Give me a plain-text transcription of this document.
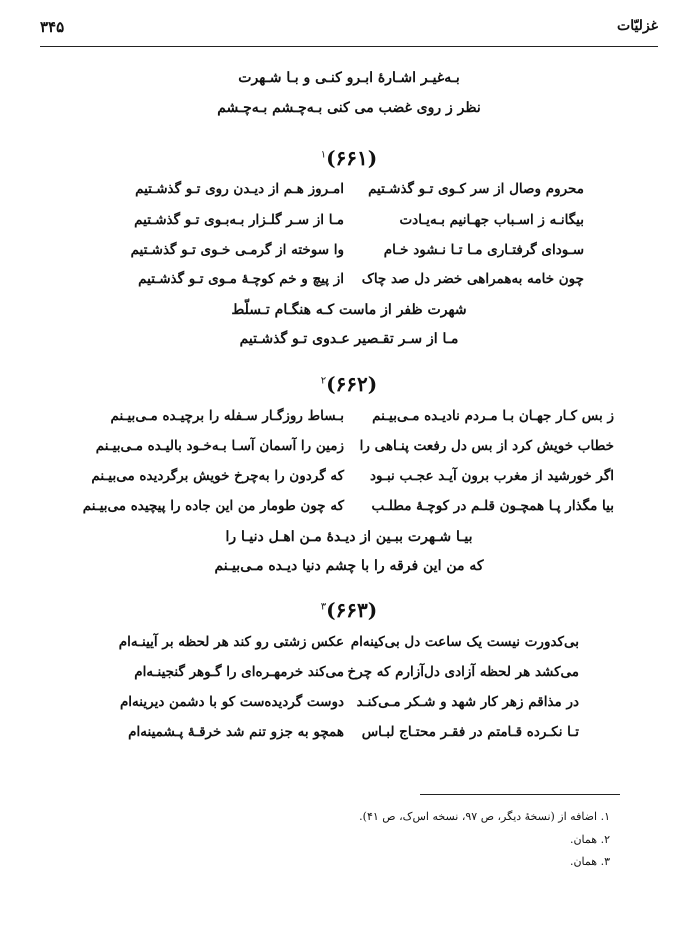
غزلیّات
۳۴۵
بـه‌غیـر اشـارهٔ ابـرو کنـی و بـا شـهرت
نظر ز روی غضب می کنی بـه‌چـشم بـه‌چـشم
(۶۶۱)$^۱$
محروم وصال از سر کـوی تـو گذشـتیم
امـروز هـم از دیـدن روی تـو گذشـتیم
بیگانـه ز اسـباب جهـانیم بـه‌یـادت
مـا از سـر گلـزار بـه‌بـوی تـو گذشـتیم
سـودای گرفتـاری مـا تـا نـشود خـام
وا سوخته از گرمـی خـوی تـو گذشـتیم
چون خامه به‌همراهی خضر دل صد چاک
از پیچ و خم کوچـهٔ مـوی تـو گذشـتیم
شهرت ظفر از ماست کـه هنگـام تـسلّط
مـا از سـر تقـصیر عـدوی تـو گذشـتیم
(۶۶۲)$^۲$
ز بس کـار جهـان بـا مـردم نادیـده مـی‌بیـنم
بـساط روزگـار سـفله را برچیـده مـی‌بیـنم
خطاب خویش کرد از بس دل رفعت پنـاهی را
زمین را آسمان آسـا بـه‌خـود بالیـده مـی‌بیـنم
اگر خورشید از مغرب برون آیـد عجـب نبـود
که گردون را به‌چرخ خویش برگردیده می‌بیـنم
بیا مگذار پـا همچـون قلـم در کوچـهٔ مطلـب
که چون طومار من این جاده را پیچیده می‌بیـنم
بیـا شـهرت ببـین از دیـدهٔ مـن اهـل دنیـا را
که من این فرقه را با چشم دنیا دیـده مـی‌بیـنم
(۶۶۳)$^۳$
بی‌کدورت نیست یک ساعت دل بی‌کینه‌ام
عکس زشتی رو کند هر لحظه بر آیینـه‌ام
می‌کشد هر لحظه آزادی دل‌آزارم که چرخ
می‌کند خرمهـره‌ای را گـوهر گنجینـه‌ام
در مذاقم زهر کار شهد و شـکر مـی‌کنـد
دوست گردیده‌ست کو با دشمن دیرینه‌ام
تـا نکـرده قـامتم در فقـر محتـاج لبـاس
همچو به جزو تنم شد خرقـهٔ پـشمینه‌ام
۱. اضافه از (نسخهٔ دیگر، ص ۹۷، نسخه اس‌ک، ص ۴۱).
۲. همان.
۳. همان.
